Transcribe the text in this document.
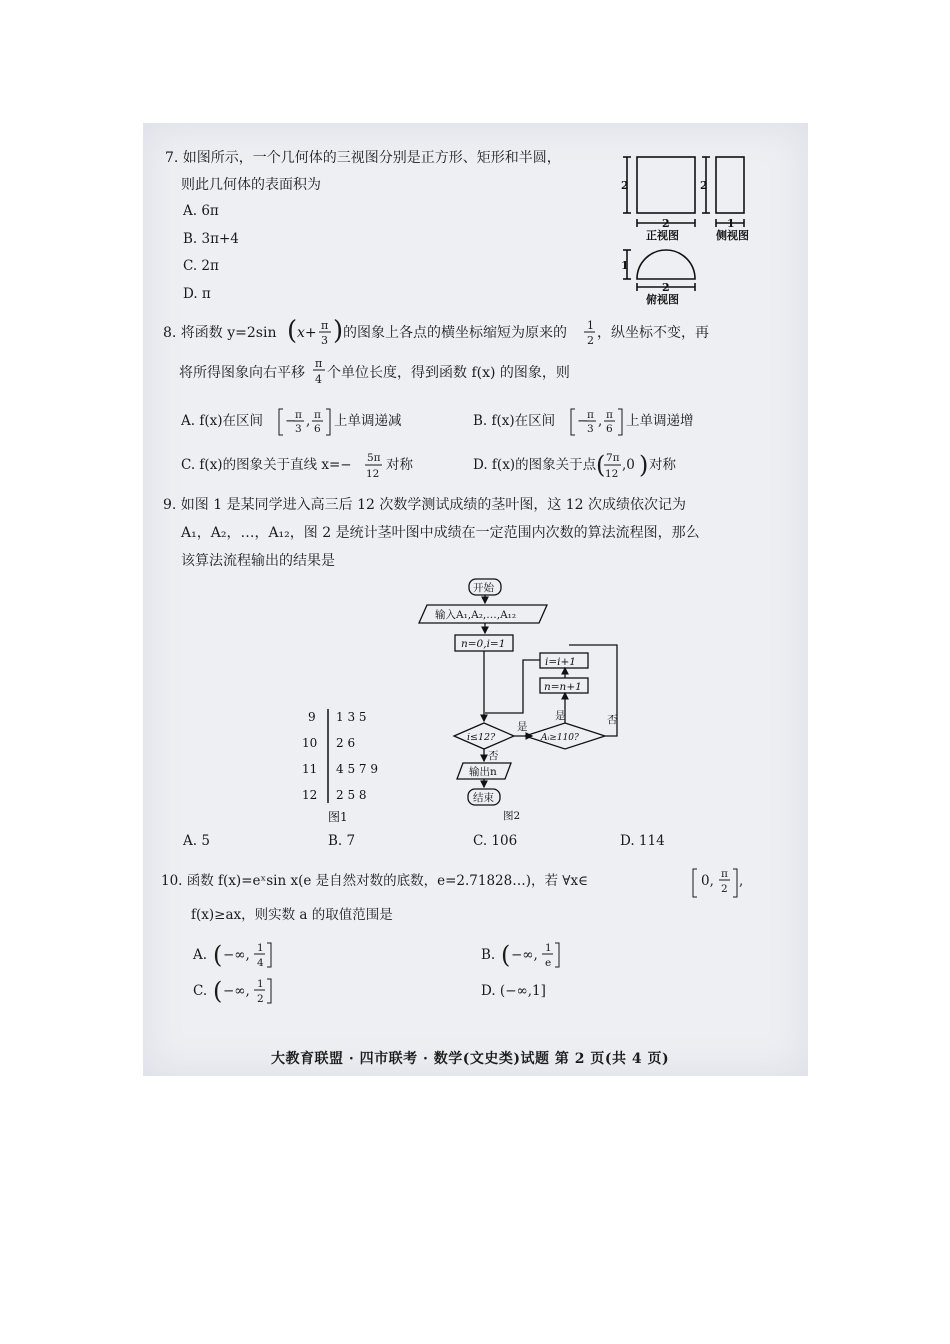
7. 如图所示，一个几何体的三视图分别是正方形、矩形和半圆，
则此几何体的表面积为
A. 6π
B. 3π+4
C. 2π
D. π
2	2
2	1
1
2
正视图	侧视图
俯视图
8. 将函数 y=2sin ( x+ π
3 ) 的图象上各点的横坐标缩短为原来的 1
2 ，纵坐标不变，再
将所得图象向右平移
π
4 个单位长度，得到函数 f(x) 的图象，则
A. f(x)在区间 −
π
3 , π
6 上单调递减	B. f(x)在区间 −
π
3 , π
6 上单调递增
C. f(x)的图象关于直线 x=− 5π
12
对称	D. f(x)的图象关于点 ( 7π
12
,0 ) 对称
9. 如图 1 是某同学进入高三后 12 次数学测试成绩的茎叶图，这 12 次成绩依次记为
A₁，A₂，…，A₁₂，图 2 是统计茎叶图中成绩在一定范围内次数的算法流程图，那么
该算法流程输出的结果是
9 1 3 5
10 2 6
11 4 5 7 9
12 2 5 8
图1
开始
输入A₁,A₂,…,A₁₂
n=0,i=1
i=i+1
n=n+1
i≤12?	Aᵢ≥110?
是
是	否
否
输出n
结束
图2
A. 5	B. 7	C. 106	D. 114
10. 函数 f(x)=eˣsin x(e 是自然对数的底数，e=2.71828…)，若 ∀x∈	0, π
2 ,
f(x)≥ax，则实数 a 的取值范围是
A. ( −∞, 1
4	B. ( −∞, 1
e
C. ( −∞, 1
2	D. (−∞,1]
大教育联盟 · 四市联考 · 数学(文史类)试题 第 2 页(共 4 页)
